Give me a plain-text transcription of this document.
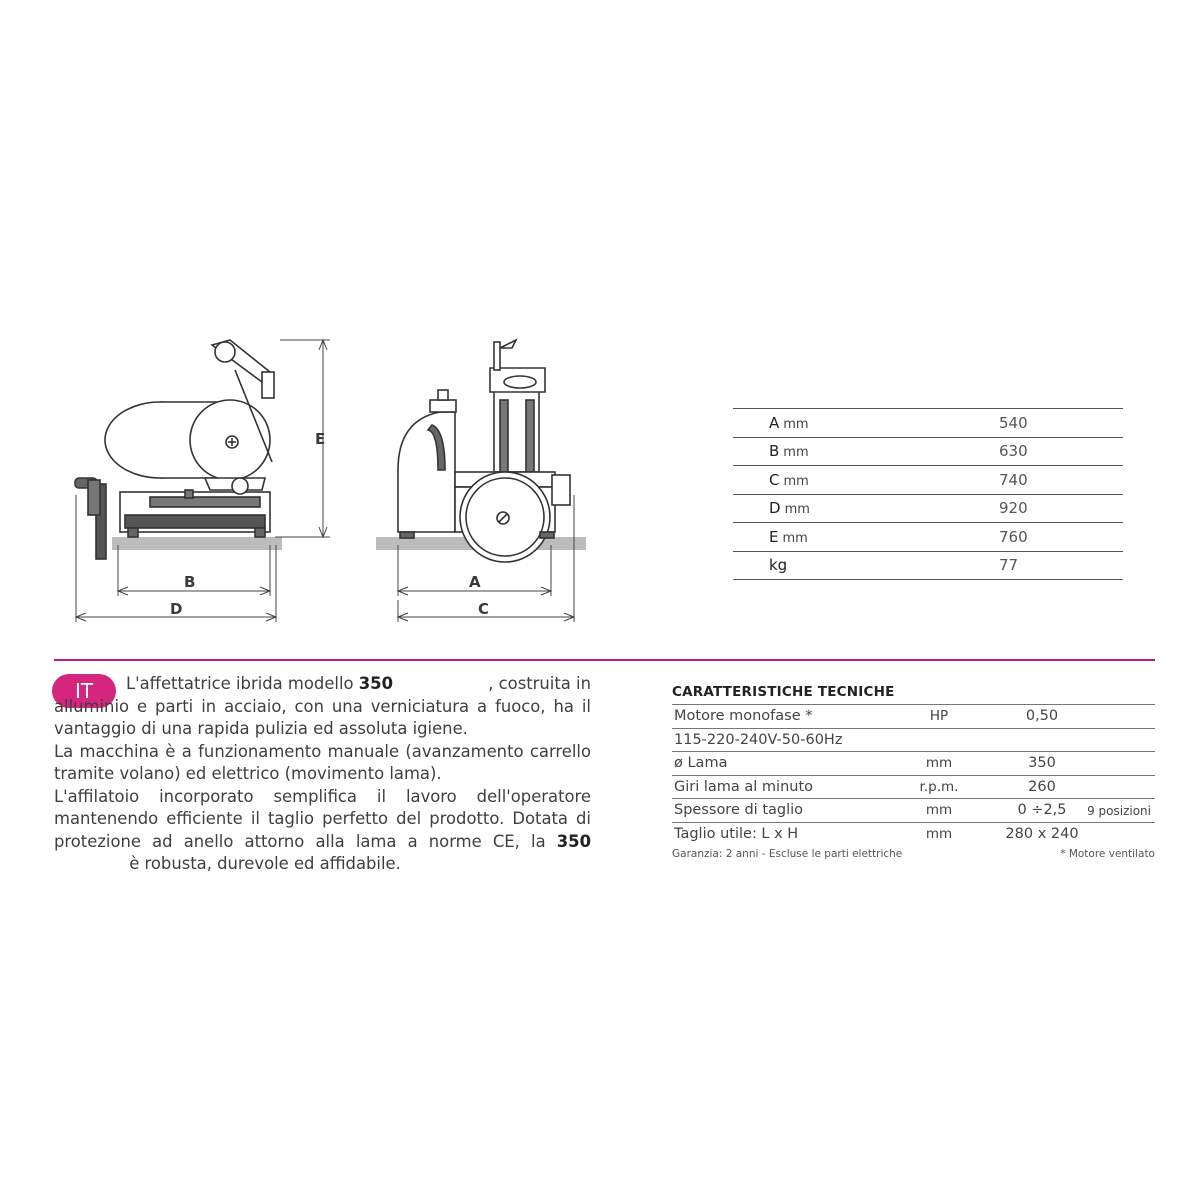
E
B
D
A
C
A mm	540
B mm	630
C mm	740
D mm	920
E mm	760
kg	77
IT	L'affettatrice ibrida modello 350	, costruita in alluminio e parti in acciaio, con una verniciatura a fuoco, ha il vantaggio di una rapida pulizia ed assoluta igiene.

La macchina è a funzionamento manuale (avanzamento carrello tramite volano) ed elettrico (movimento lama).

L'affilatoio incorporato semplifica il lavoro dell'operatore mantenendo efficiente il taglio perfetto del prodotto. Dotata di protezione ad anello attorno alla lama a norme CE, la 350 è robusta, durevole ed affidabile.

CARATTERISTICHE TECNICHE
Motore monofase *	HP	0,50
115-220-240V-50-60Hz
ø Lama	mm	350
Giri lama al minuto	r.p.m.	260
Spessore di taglio	mm	0 ÷2,5	9 posizioni
Taglio utile: L x H	mm	280 x 240
Garanzia: 2 anni - Escluse le parti elettriche	* Motore ventilato
